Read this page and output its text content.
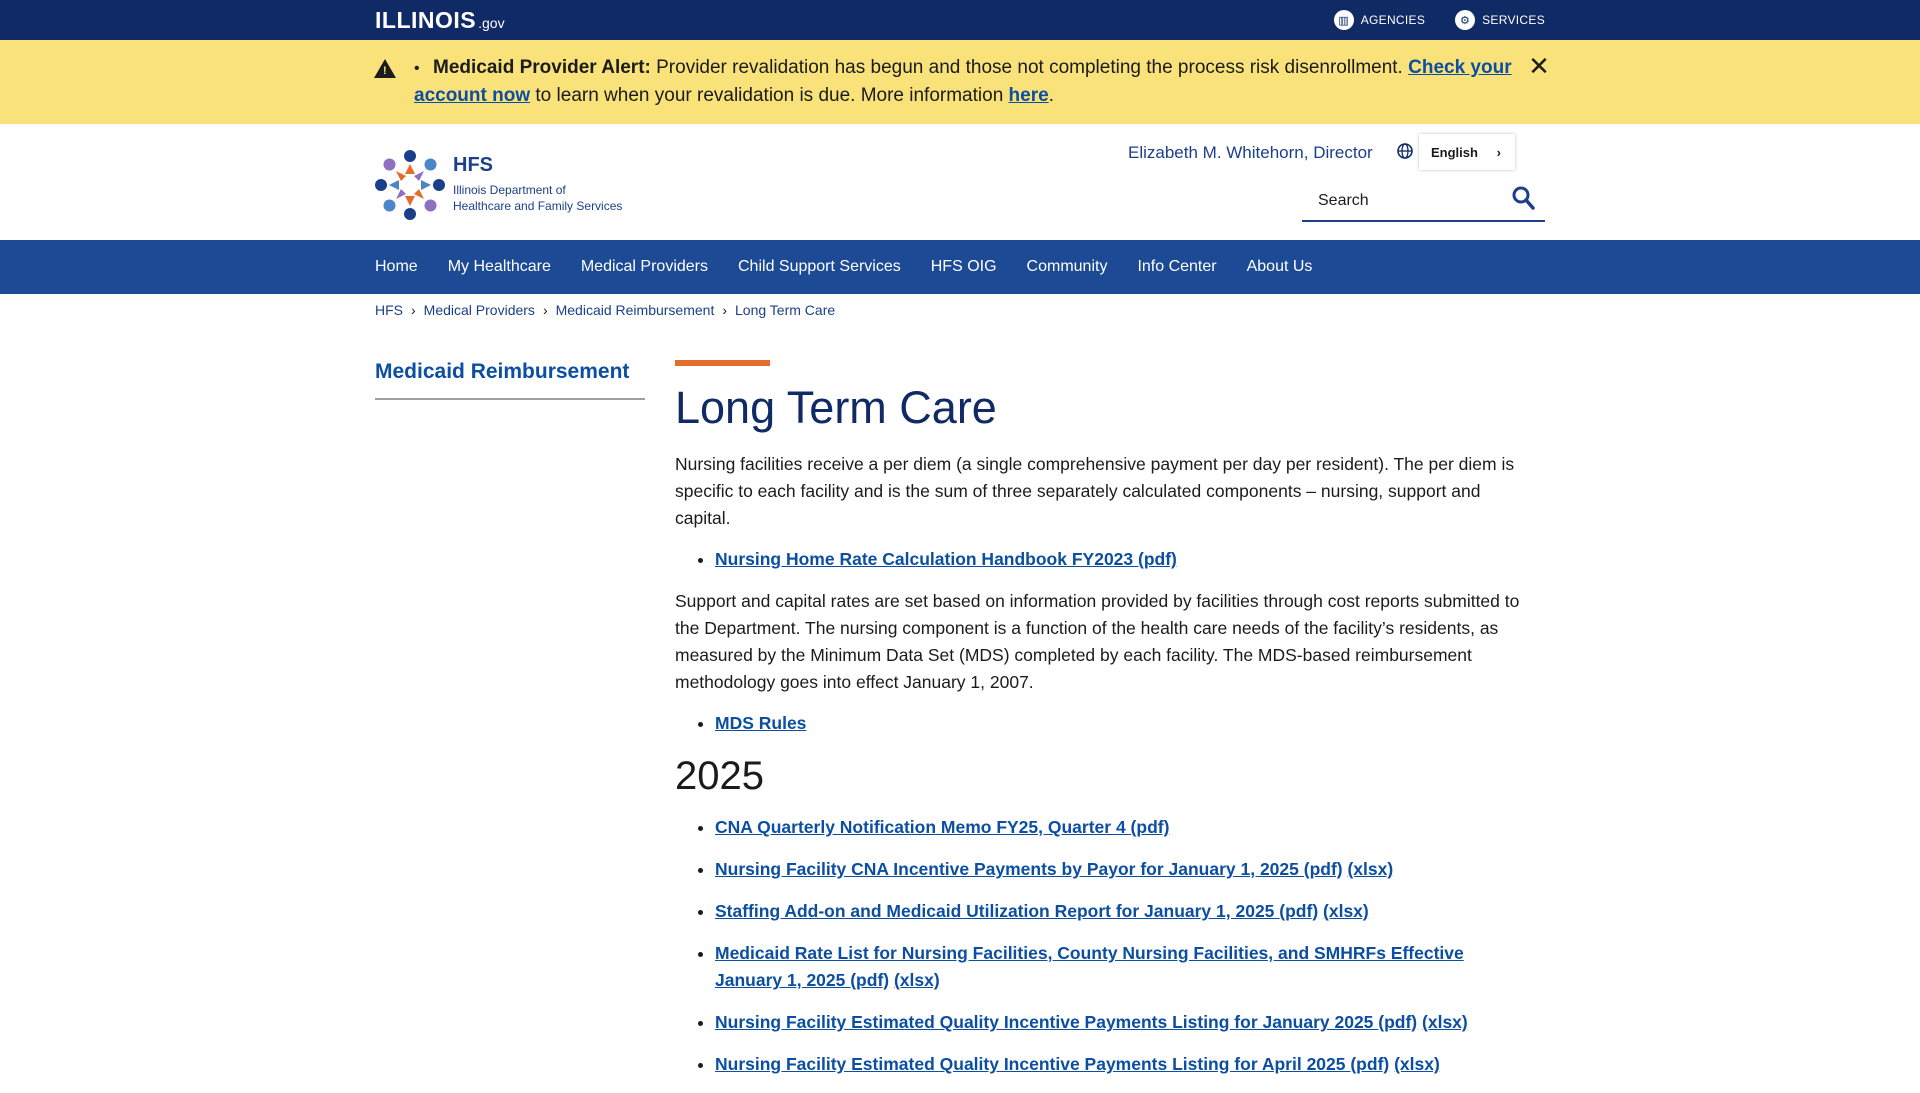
ILLINOIS .gov	▥ AGENCIES	⚙ SERVICES
! • Medicaid Provider Alert: Provider revalidation has begun and those not completing the process risk disenrollment. Check your account now to learn when your revalidation is due. More information here.
✕
HFS
Illinois Department of
Healthcare and Family Services
Elizabeth M. Whitehorn, Director	English ›
Search
Home My Healthcare Medical Providers Child Support Services HFS OIG Community Info Center About Us
HFS › Medical Providers › Medicaid Reimbursement › Long Term Care
Medicaid Reimbursement
Long Term Care

Nursing facilities receive a per diem (a single comprehensive payment per day per resident). The per diem is specific to each facility and is the sum of three separately calculated components – nursing, support and capital.

• Nursing Home Rate Calculation Handbook FY2023 (pdf)

Support and capital rates are set based on information provided by facilities through cost reports submitted to the Department. The nursing component is a function of the health care needs of the facility’s residents, as measured by the Minimum Data Set (MDS) completed by each facility. The MDS-based reimbursement methodology goes into effect January 1, 2007.

• MDS Rules
2025
• CNA Quarterly Notification Memo FY25, Quarter 4 (pdf)
• Nursing Facility CNA Incentive Payments by Payor for January 1, 2025 (pdf) (xlsx)
• Staffing Add-on and Medicaid Utilization Report for January 1, 2025 (pdf) (xlsx)
• Medicaid Rate List for Nursing Facilities, County Nursing Facilities, and SMHRFs Effective January 1, 2025 (pdf) (xlsx)
• Nursing Facility Estimated Quality Incentive Payments Listing for January 2025 (pdf) (xlsx)
• Nursing Facility Estimated Quality Incentive Payments Listing for April 2025 (pdf) (xlsx)
